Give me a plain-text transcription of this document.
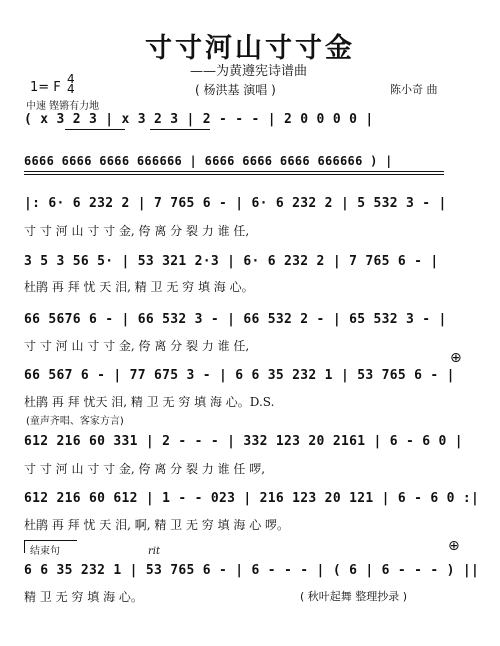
寸寸河山寸寸金
——为黄遵宪诗谱曲
1= F
4
4	( 杨洪基 演唱 )	陈小奇 曲
中速 铿锵有力地
( x 3 2 3 | x 3 2 3 | 2 - - - | 2 0 0 0 0 |
6666 6666 6666 666666 | 6666 6666 6666 666666 ) |
|: 6· 6 232 2 | 7 765 6 - | 6· 6 232 2 | 5 532 3 - |
寸 寸 河 山 寸 寸 金, 侉 离 分 裂 力 谁 任,
3 5 3 56 5· | 53 321 2·3 | 6· 6 232 2 | 7 765 6 - |
杜鹃 再 拜 忧 天 泪, 精 卫 无 穷 填 海 心。
66 5676 6 - | 66 532 3 - | 66 532 2 - | 65 532 3 - |
寸 寸 河 山 寸 寸 金, 侉 离 分 裂 力 谁 任,
66 567 6 - | 77 675 3 - | 6 6 35 232 1 | 53 765 6 - |
杜鹃 再 拜 忧天 泪, 精 卫 无 穷 填 海 心。D.S.
⊕
(童声齐唱、客家方言)
612 216 60 331 | 2 - - - | 332 123 20 2161 | 6 - 6 0 |
寸 寸 河 山 寸 寸 金, 侉 离 分 裂 力 谁 任 啰,
612 216 60 612 | 1 - - 023 | 216 123 20 121 | 6 - 6 0 :|
杜鹃 再 拜 忧 天 泪, 啊, 精 卫 无 穷 填 海 心 啰。
结束句	rit	⊕
6 6 35 232 1 | 53 765 6 - | 6 - - - | ( 6 | 6 - - - ) ||
精 卫 无 穷 填 海 心。	( 秋叶起舞 整理抄录 )
